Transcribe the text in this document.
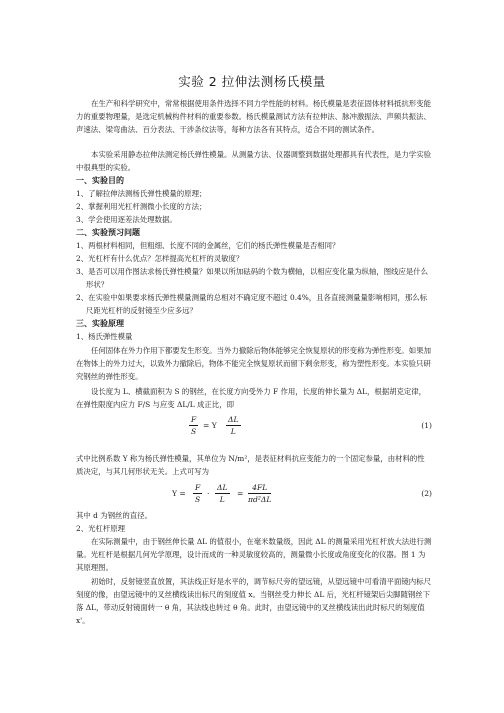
实验 2 拉伸法测杨氏模量

在生产和科学研究中，常常根据使用条件选择不同力学性能的材料。杨氏模量是表征固体材料抵抗形变能力的重要物理量，是选定机械构件材料的重要参数。杨氏模量测试方法有拉伸法、脉冲激振法、声频共振法、声速法、梁弯曲法、百分表法、干涉条纹法等，每种方法各有其特点，适合不同的测试条件。

本实验采用静态拉伸法测定杨氏弹性模量。从测量方法、仪器调整到数据处理都具有代表性，是力学实验中很典型的实验。

一、实验目的
1、了解拉伸法测杨氏弹性模量的原理；
2、掌握利用光杠杆测微小长度的方法；
3、学会使用逐差法处理数据。
二、实验预习问题
1、两根材料相同，但粗细、长度不同的金属丝，它们的杨氏弹性模量是否相同？
2、光杠杆有什么优点？怎样提高光杠杆的灵敏度？
3、是否可以用作图法求杨氏弹性模量？如果以所加砝码的个数为横轴，以相应变化量为纵轴，图线应是什么形状？
2、在实验中如果要求杨氏弹性模量测量的总相对不确定度不超过 0.4%，且各直接测量量影响相同，那么标尺距光杠杆的反射镜至少应多远？
三、实验原理
1、杨氏弹性模量

任何固体在外力作用下都要发生形变。当外力撤除后物体能够完全恢复原状的形变称为弹性形变。如果加在物体上的外力过大，以致外力撤除后，物体不能完全恢复原状而留下剩余形变，称为塑性形变。本实验只研究钢丝的弹性形变。

设长度为 L、横截面积为 S 的钢丝，在长度方向受外力 F 作用，长度的伸长量为 ΔL，根据胡克定律，在弹性限度内应力 F/S 与应变 ΔL/L 成正比，即

$\frac{F}{S} = Y \frac{\Delta L}{L}$	(1)

式中比例系数 Y 称为杨氏弹性模量，其单位为 N/m²，是表征材料抗应变能力的一个固定参量，由材料的性质决定，与其几何形状无关。上式可写为

$Y = \frac{F}{S} \cdot \frac{\Delta L}{L} = \frac{4FL}{\text{πd²ΔL}}$	(2)

其中 d 为钢丝的直径。

2、光杠杆原理

在实际测量中，由于钢丝伸长量 ΔL 的值很小，在毫米数量级，因此 ΔL 的测量采用光杠杆放大法进行测量。光杠杆是根据几何光学原理，设计而成的一种灵敏度较高的，测量微小长度或角度变化的仪器。图 1 为其原理图。

初始时，反射镜竖直放置，其法线正好是水平的，调节标尺旁的望远镜，从望远镜中可看清平面镜内标尺刻度的像，由望远镜中的叉丝横线读出标尺的刻度值 x。当钢丝受力伸长 ΔL 后，光杠杆镜架后尖脚随钢丝下落 ΔL，带动反射镜面转一 θ 角，其法线也转过 θ 角。此时，由望远镜中的叉丝横线读出此时标尺的刻度值 x'。
